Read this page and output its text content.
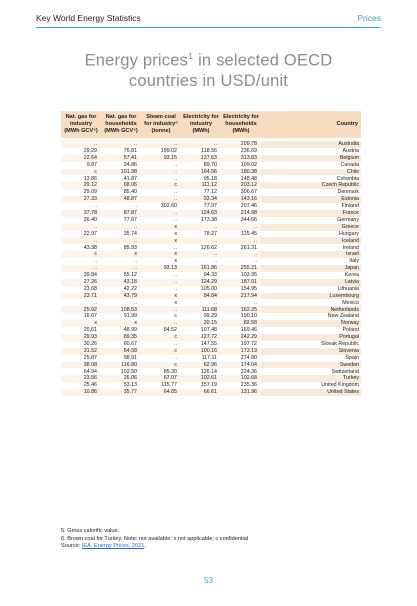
Key World Energy Statistics	Prices
Energy prices$^1$ in selected OECD
countries in USD/unit
Nat. gas for
industry
(MWh GCV⁵)	Nat. gas for
households
(MWh GCV⁵)	Steam coal
for industry⁶
(tonne)	Electricity for
industry
(MWh)	Electricity for
households
(MWh)	Country

..	..	..	..	209.78	Australia
29.29	76.81	199.02	118.56	236.69	Austria
22.64	57.41	93.15	137.63	313.83	Belgium
9.87	24.86	..	89.70	109.02	Canada
c	101.98	..	164.56	180.38	Chile
13.86	41.87	..	95.18	148.48	Colombia
29.12	68.06	c	111.12	203.12	Czech Republic
29.09	85.40	..	77.12	306.67	Denmark
27.33	48.87	..	93.34	143.16	Estonia
..	..	302.60	77.97	207.46	Finland
37.78	87.87	..	124.63	214.98	France
26.40	77.67	..	173.38	344.66	Germany
..	..	x	..	..	Greece
22.97	35.74	x	78.27	115.45	Hungary
..	..	x	..	..	Iceland
43.38	85.93	..	126.62	261.31	Ireland
c	x	x	..	..	Israel
..	..	x	..	..	Italy
..	..	93.13	161.86	255.21	Japan
39.84	55.12	..	94.33	103.95	Korea
27.26	43.18	..	124.29	187.01	Latvia
23.68	42.22	..	105.00	154.95	Lithuania
23.71	43.79	x	84.84	217.94	Luxembourg
..	..	x	..	..	Mexico
25.92	108.53	..	111.68	162.25	Netherlands
16.67	91.99	c	99.29	190.10	New Zealand
x	x	..	20.15	82.58	Norway
20.61	48.99	84.52	107.48	169.46	Poland
29.93	89.35	c	127.72	242.29	Portugal
30.26	60.67	..	147.55	197.72	Slovak Republic
31.52	64.58	c	100.16	173.19	Slovenia
25.87	98.91	..	117.11	274.80	Spain
38.08	116.80	c	62.96	174.04	Sweden
64.94	102.50	85.30	126.14	224.36	Switzerland
23.56	26.06	67.07	102.61	102.68	Turkey
25.46	53.13	115.77	157.19	235.36	United Kingdom
10.86	35.77	64.85	66.61	131.96	United States
5. Gross calorific value.
6. Brown coal for Turkey. Note: not available; x not applicable; c confidential
Source: IEA, Energy Prices, 2021.
53
